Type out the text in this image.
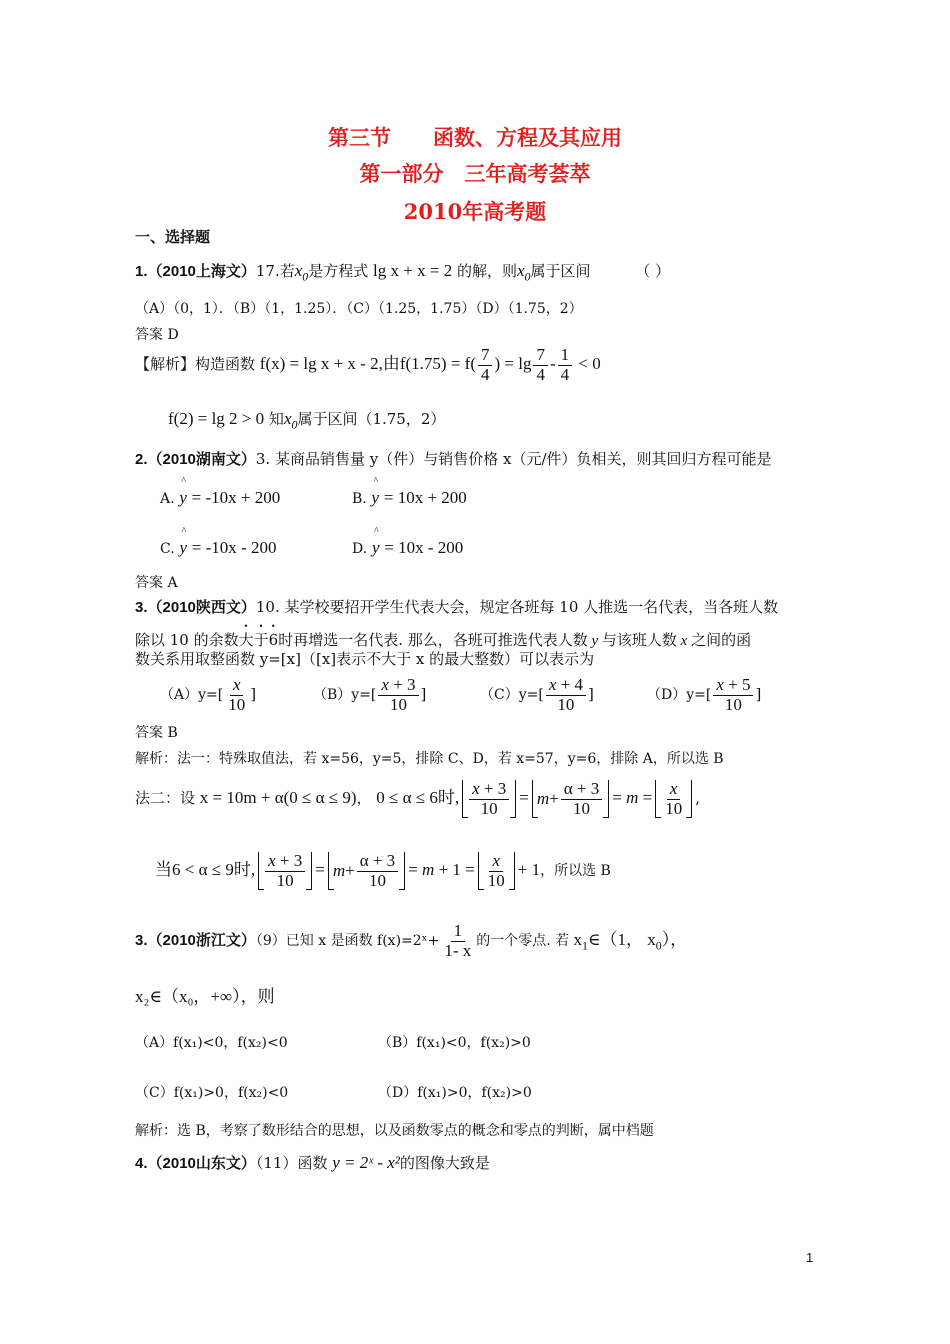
第三节　　函数、方程及其应用
第一部分　三年高考荟萃
2010年高考题
一、选择题
1.（2010上海文）17.若$x_0$是方程式 lg x + x = 2 的解，则$x_0$属于区间	（ ）
（A）（0，1）．（B）（1，1.25）．（C）（1.25，1.75）（D）（1.75，2）
答案 D
【解析】构造函数 f(x) = lg x + x - 2,由$f(1.75) = f( \frac{7}{4}$ ) = $\lg \frac{7}{4} - \frac{1}{4} < 0$
f(2) = lg 2 > 0 知$x_0$属于区间（1.75，2）
2.（2010湖南文）3. 某商品销售量 y（件）与销售价格 x（元/件）负相关，则其回归方程可能是
A. ^ y = -10x + 200	B. ^ y = 10x + 200
C. ^ y = -10x - 200	D. ^ y = 10x - 200
答案 A
3.（2010陕西文）10. 某学校要招开学生代表大会，规定各班每 10 人推选一名代表，当各班人数
除以 10 的余数大于6时再增选一名代表. 那么，各班可推选代表人数 y 与该班人数 x 之间的函
数关系用取整函数 y=[x]（[x]表示不大于 x 的最大整数）可以表示为
$(A)y=[ \frac{x}{10}$ ]	$(B)y=[ \frac{x + 3}{10}$ ]	$(C)y=[ \frac{x + 4}{10}$ ]	$(D)y=[ \frac{x + 5}{10}$ ]
答案 B
解析：法一：特殊取值法，若 x=56，y=5，排除 C、D，若 x=57，y=6，排除 A，所以选 B
法二：设 x = 10m + α(0 ≤ α ≤ 9)， 0 ≤ α ≤ 6时, $\frac{x + 3}{10} = m + \frac{\alpha + 3}{10} = m = \frac{x}{10}$ ,
当6 < α ≤ 9时, $\frac{x + 3}{10} = m + \frac{\alpha + 3}{10} = m + 1 = \frac{x}{10} + 1$，所以选 B
3.（2010浙江文）（9）已知 x 是函数 f(x)=2ˣ+ $\frac{1}{1- x}$ 的一个零点. 若 $x_1\in(1$， $x_0$），
x₂∈（x₀，+∞），则
（A）f(x₁)<0，f(x₂)<0	（B）f(x₁)<0，f(x₂)>0
（C）f(x₁)>0，f(x₂)<0	（D）f(x₁)>0，f(x₂)>0
解析：选 B，考察了数形结合的思想，以及函数零点的概念和零点的判断，属中档题
4.（2010山东文）（11）函数 y = 2ˣ - x²的图像大致是
1
